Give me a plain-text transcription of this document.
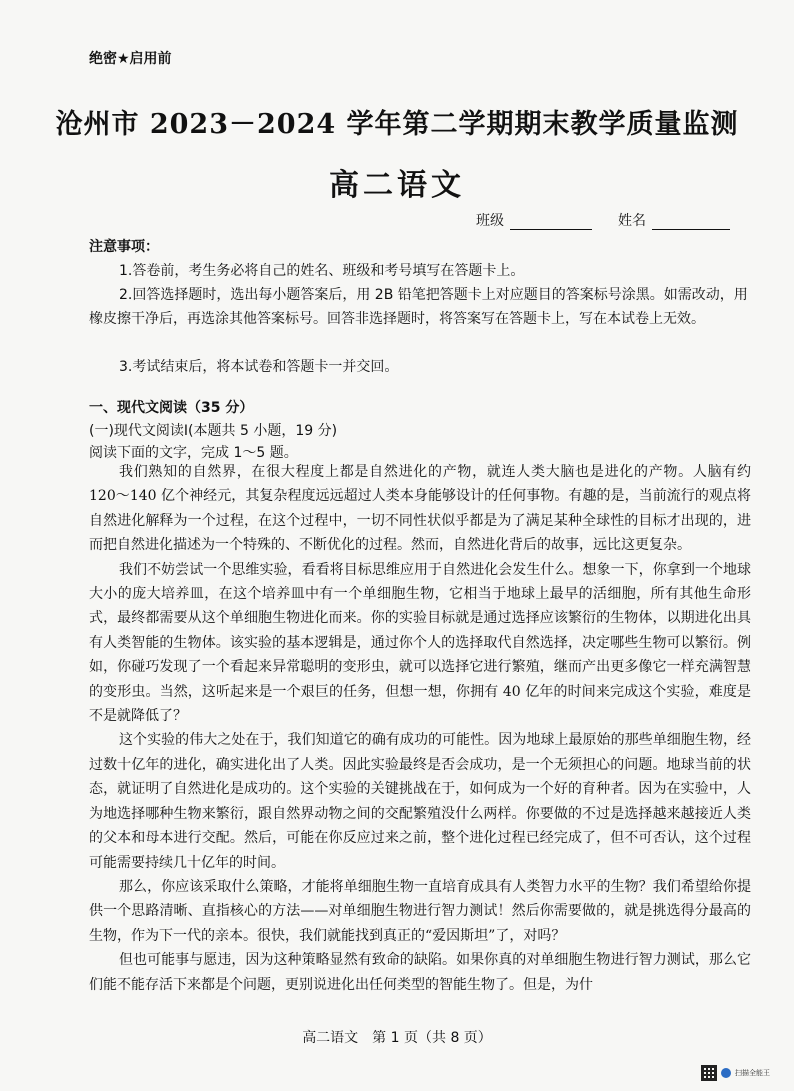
绝密★启用前
沧州市 2023－2024 学年第二学期期末教学质量监测
高二语文
班级	姓名
注意事项：

1.答卷前，考生务必将自己的姓名、班级和考号填写在答题卡上。

2.回答选择题时，选出每小题答案后，用 2B 铅笔把答题卡上对应题目的答案标号涂黑。如需改动，用橡皮擦干净后，再选涂其他答案标号。回答非选择题时，将答案写在答题卡上，写在本试卷上无效。

3.考试结束后，将本试卷和答题卡一并交回。

一、现代文阅读（35 分）

(一)现代文阅读Ⅰ(本题共 5 小题，19 分)

阅读下面的文字，完成 1～5 题。

我们熟知的自然界，在很大程度上都是自然进化的产物，就连人类大脑也是进化的产物。人脑有约 120～140 亿个神经元，其复杂程度远远超过人类本身能够设计的任何事物。有趣的是，当前流行的观点将自然进化解释为一个过程，在这个过程中，一切不同性状似乎都是为了满足某种全球性的目标才出现的，进而把自然进化描述为一个特殊的、不断优化的过程。然而，自然进化背后的故事，远比这更复杂。

我们不妨尝试一个思维实验，看看将目标思维应用于自然进化会发生什么。想象一下，你拿到一个地球大小的庞大培养皿，在这个培养皿中有一个单细胞生物，它相当于地球上最早的活细胞，所有其他生命形式，最终都需要从这个单细胞生物进化而来。你的实验目标就是通过选择应该繁衍的生物体，以期进化出具有人类智能的生物体。该实验的基本逻辑是，通过你个人的选择取代自然选择，决定哪些生物可以繁衍。例如，你碰巧发现了一个看起来异常聪明的变形虫，就可以选择它进行繁殖，继而产出更多像它一样充满智慧的变形虫。当然，这听起来是一个艰巨的任务，但想一想，你拥有 40 亿年的时间来完成这个实验，难度是不是就降低了？

这个实验的伟大之处在于，我们知道它的确有成功的可能性。因为地球上最原始的那些单细胞生物，经过数十亿年的进化，确实进化出了人类。因此实验最终是否会成功，是一个无须担心的问题。地球当前的状态，就证明了自然进化是成功的。这个实验的关键挑战在于，如何成为一个好的育种者。因为在实验中，人为地选择哪种生物来繁衍，跟自然界动物之间的交配繁殖没什么两样。你要做的不过是选择越来越接近人类的父本和母本进行交配。然后，可能在你反应过来之前，整个进化过程已经完成了，但不可否认，这个过程可能需要持续几十亿年的时间。

那么，你应该采取什么策略，才能将单细胞生物一直培育成具有人类智力水平的生物？我们希望给你提供一个思路清晰、直指核心的方法——对单细胞生物进行智力测试！然后你需要做的，就是挑选得分最高的生物，作为下一代的亲本。很快，我们就能找到真正的“爱因斯坦”了，对吗？

但也可能事与愿违，因为这种策略显然有致命的缺陷。如果你真的对单细胞生物进行智力测试，那么它们能不能存活下来都是个问题，更别说进化出任何类型的智能生物了。但是，为什

高二语文　第 1 页（共 8 页）
扫描全能王
